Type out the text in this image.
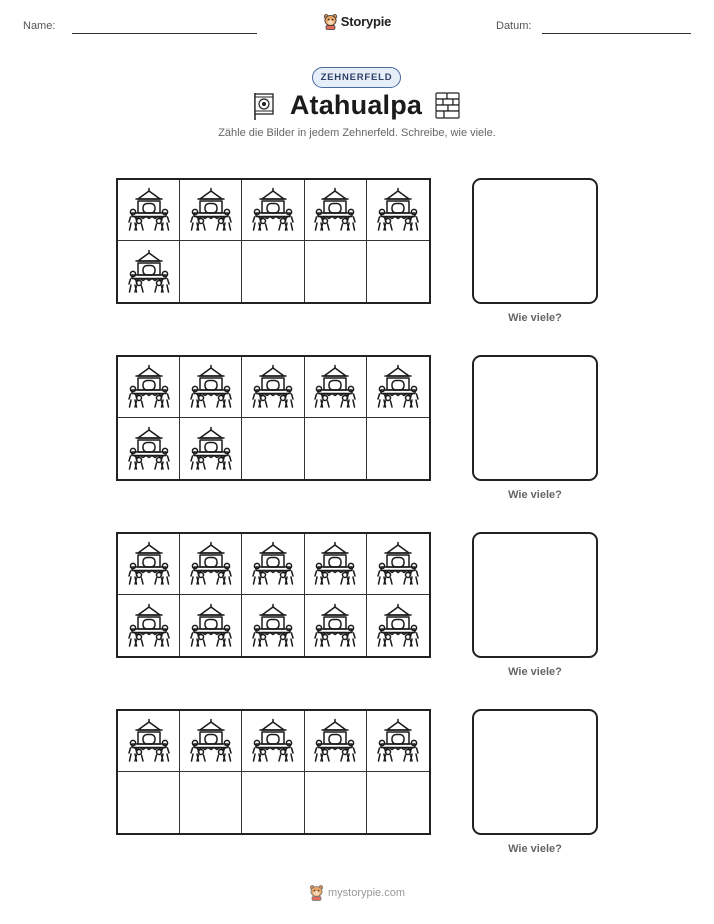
Name:	Storypie	Datum:
ZEHNERFELD
Atahualpa
Zähle die Bilder in jedem Zehnerfeld. Schreibe, wie viele.
Wie viele?
Wie viele?
Wie viele?
Wie viele?
mystorypie.com
